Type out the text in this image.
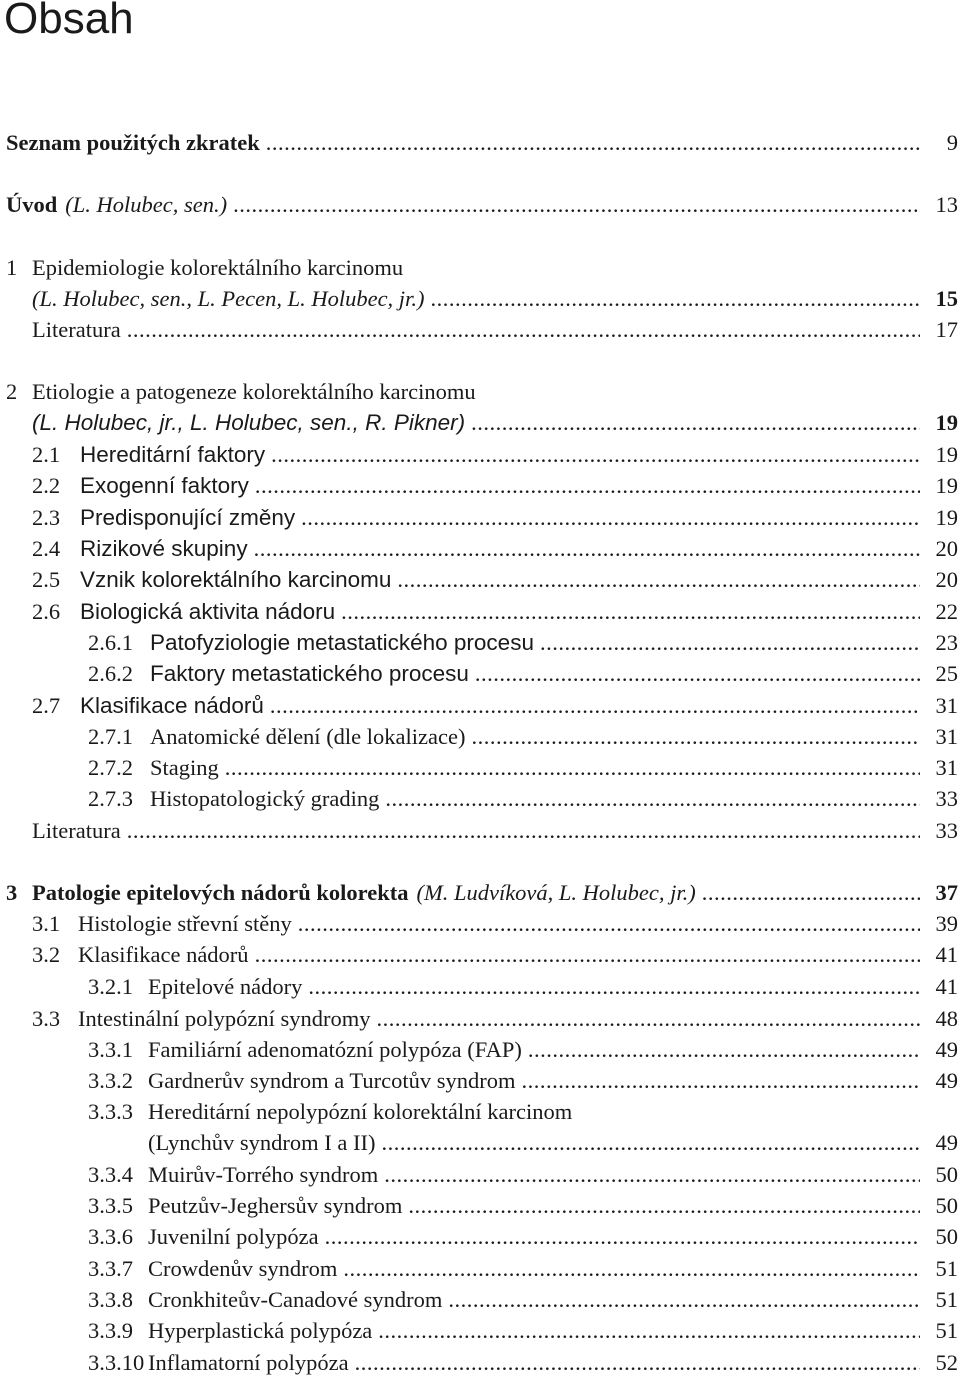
Obsah
Seznam použitých zkratek .....	9
Úvod (L. Holubec, sen.) .....	13
1 Epidemiologie kolorektálního karcinomu
(L. Holubec, sen., L. Pecen, L. Holubec, jr.) .....	15
Literatura .....	17
2 Etiologie a patogeneze kolorektálního karcinomu
(L. Holubec, jr., L. Holubec, sen., R. Pikner) .....	19
2.1 Hereditární faktory .....	19
2.2 Exogenní faktory .....	19
2.3 Predisponující změny .....	19
2.4 Rizikové skupiny .....	20
2.5 Vznik kolorektálního karcinomu .....	20
2.6 Biologická aktivita nádoru .....	22
2.6.1 Patofyziologie metastatického procesu .....	23
2.6.2 Faktory metastatického procesu .....	25
2.7 Klasifikace nádorů .....	31
2.7.1 Anatomické dělení (dle lokalizace) .....	31
2.7.2 Staging .....	31
2.7.3 Histopatologický grading .....	33
Literatura .....	33
3 Patologie epitelových nádorů kolorekta (M. Ludvíková, L. Holubec, jr.) .....	37
3.1 Histologie střevní stěny .....	39
3.2 Klasifikace nádorů .....	41
3.2.1 Epitelové nádory .....	41
3.3 Intestinální polypózní syndromy .....	48
3.3.1 Familiární adenomatózní polypóza (FAP) .....	49
3.3.2 Gardnerův syndrom a Turcotův syndrom .....	49
3.3.3 Hereditární nepolypózní kolorektální karcinom
(Lynchův syndrom I a II) .....	49
3.3.4 Muirův-Torrého syndrom .....	50
3.3.5 Peutzův-Jeghersův syndrom .....	50
3.3.6 Juvenilní polypóza .....	50
3.3.7 Crowdenův syndrom .....	51
3.3.8 Cronkhiteův-Canadové syndrom .....	51
3.3.9 Hyperplastická polypóza .....	51
3.3.10 Inflamatorní polypóza .....	52
